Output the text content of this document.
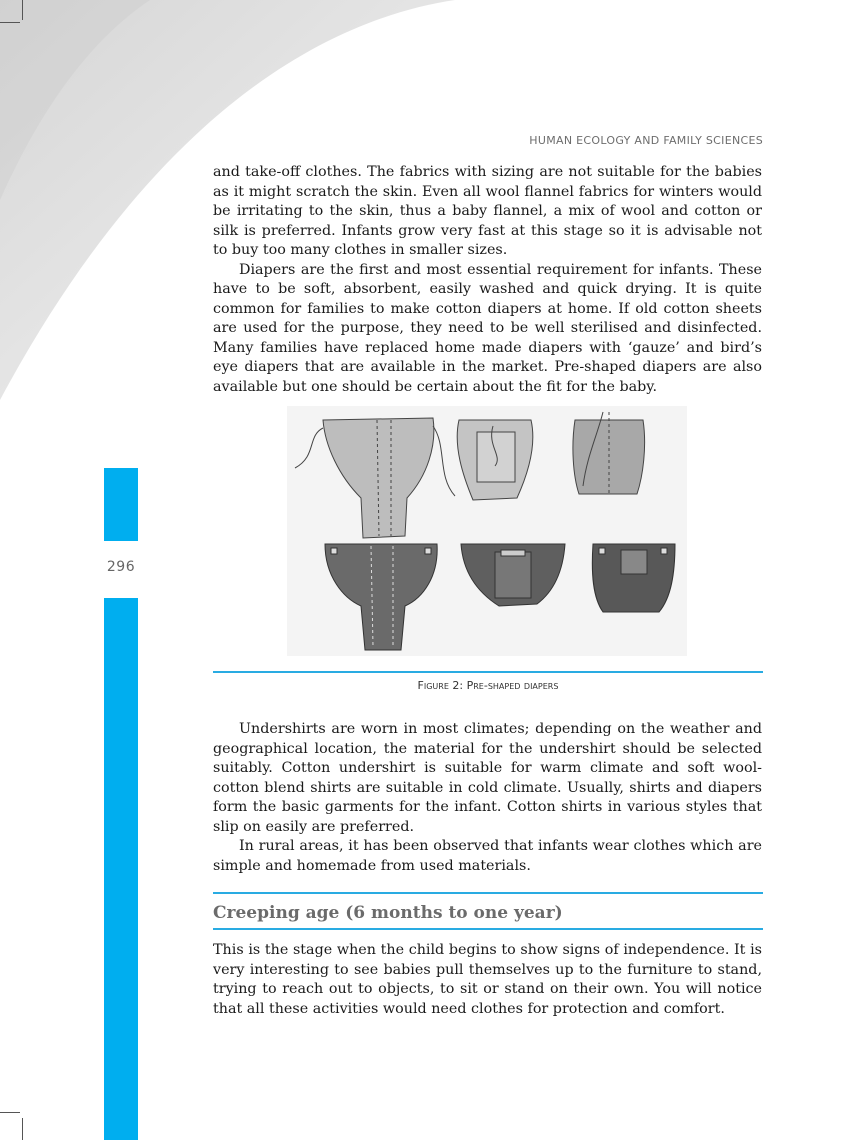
296
HUMAN ECOLOGY AND FAMILY SCIENCES

and take-off clothes. The fabrics with sizing are not suitable for the babies as it might scratch the skin. Even all wool flannel fabrics for winters would be irritating to the skin, thus a baby flannel, a mix of wool and cotton or silk is preferred. Infants grow very fast at this stage so it is advisable not to buy too many clothes in smaller sizes.

Diapers are the first and most essential requirement for infants. These have to be soft, absorbent, easily washed and quick drying. It is quite common for families to make cotton diapers at home. If old cotton sheets are used for the purpose, they need to be well sterilised and disinfected. Many families have replaced home made diapers with ‘gauze’ and bird’s eye diapers that are available in the market. Pre-shaped diapers are also available but one should be certain about the fit for the baby.

Figure 2: Pre-shaped diapers

Undershirts are worn in most climates; depending on the weather and geographical location, the material for the undershirt should be selected suitably. Cotton undershirt is suitable for warm climate and soft wool-cotton blend shirts are suitable in cold climate. Usually, shirts and diapers form the basic garments for the infant. Cotton shirts in various styles that slip on easily are preferred.

In rural areas, it has been observed that infants wear clothes which are simple and homemade from used materials.

Creeping age (6 months to one year)

This is the stage when the child begins to show signs of independence. It is very interesting to see babies pull themselves up to the furniture to stand, trying to reach out to objects, to sit or stand on their own. You will notice that all these activities would need clothes for protection and comfort.
